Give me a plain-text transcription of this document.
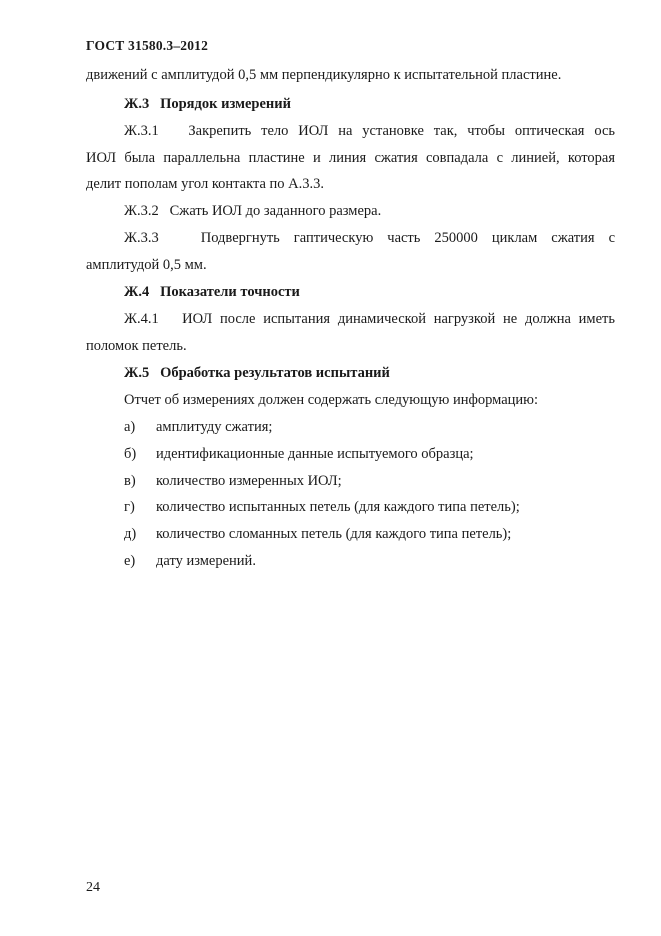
ГОСТ 31580.3–2012
движений с амплитудой 0,5 мм перпендикулярно к испытательной пластине.
Ж.3 Порядок измерений
Ж.3.1 Закрепить тело ИОЛ на установке так, чтобы оптическая ось
ИОЛ была параллельна пластине и линия сжатия совпадала с линией, которая
делит пополам угол контакта по А.3.3.
Ж.3.2 Сжать ИОЛ до заданного размера.
Ж.3.3	Подвергнуть гаптическую часть 250000 циклам сжатия с
амплитудой 0,5 мм.
Ж.4 Показатели точности
Ж.4.1 ИОЛ после испытания динамической нагрузкой не должна иметь
поломок петель.
Ж.5 Обработка результатов испытаний
Отчет об измерениях должен содержать следующую информацию:
а) амплитуду сжатия;
б) идентификационные данные испытуемого образца;
в) количество измеренных ИОЛ;
г) количество испытанных петель (для каждого типа петель);
д) количество сломанных петель (для каждого типа петель);
е) дату измерений.
24
